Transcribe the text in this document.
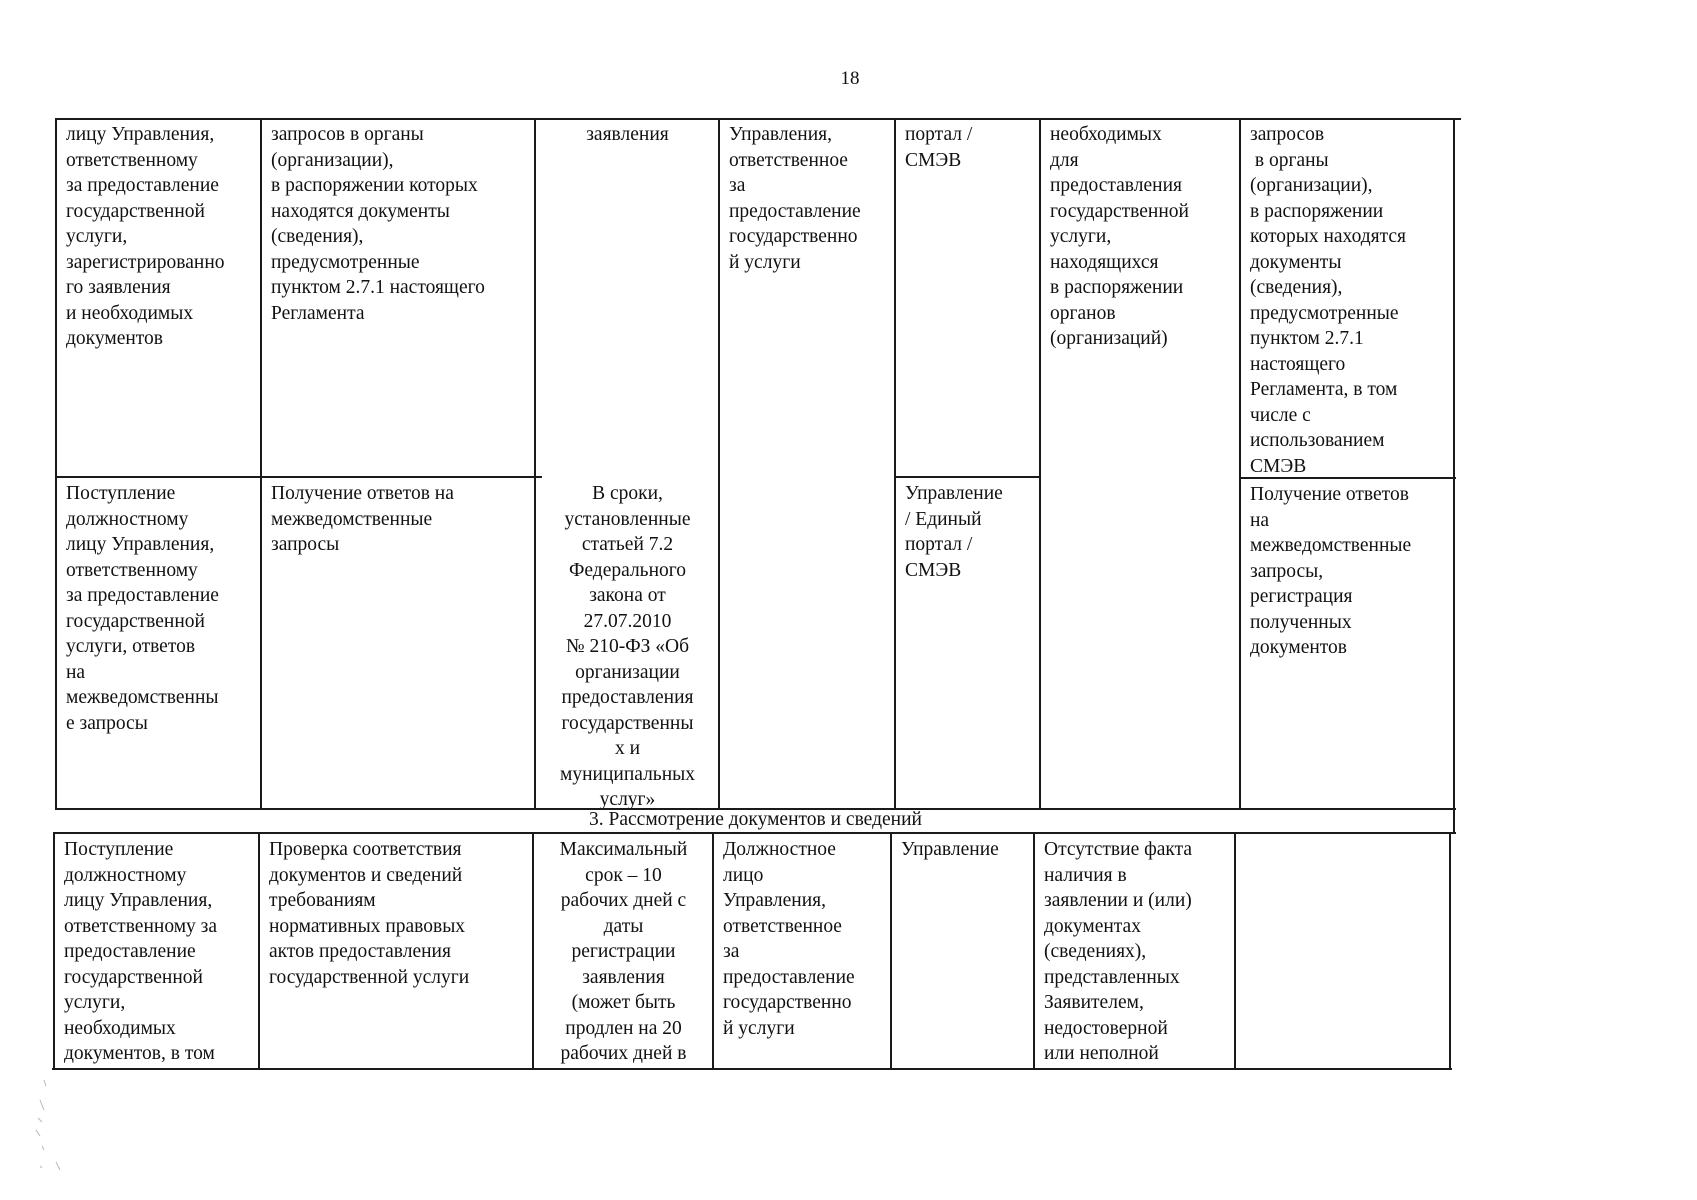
18
лицу Управления,
ответственному
за предоставление
государственной
услуги,
зарегистрированно
го заявления
и необходимых
документов
запросов в органы
(организации),
в распоряжении которых
находятся документы
(сведения),
предусмотренные
пунктом 2.7.1 настоящего
Регламента
заявления	Управления,
ответственное
за
предоставление
государственно
й услуги
портал /
СМЭВ
необходимых
для
предоставления
государственной
услуги,
находящихся
в распоряжении
органов
(организаций)
запросов
в органы
(организации),
в распоряжении
которых находятся
документы
(сведения),
предусмотренные
пунктом 2.7.1
настоящего
Регламента, в том
числе с
использованием
СМЭВ
Поступление
должностному
лицу Управления,
ответственному
за предоставление
государственной
услуги, ответов
на
межведомственны
е запросы
Получение ответов на
межведомственные
запросы
В сроки,
установленные
статьей 7.2
Федерального
закона от
27.07.2010
№ 210-ФЗ «Об
организации
предоставления
государственны
х и
муниципальных
услуг»
Управление
/ Единый
портал /
СМЭВ
Получение ответов
на
межведомственные
запросы,
регистрация
полученных
документов
3. Рассмотрение документов и сведений
Поступление
должностному
лицу Управления,
ответственному за
предоставление
государственной
услуги,
необходимых
документов, в том
Проверка соответствия
документов и сведений
требованиям
нормативных правовых
актов предоставления
государственной услуги
Максимальный
срок – 10
рабочих дней с
даты
регистрации
заявления
(может быть
продлен на 20
рабочих дней в
Должностное
лицо
Управления,
ответственное
за
предоставление
государственно
й услуги
Управление	Отсутствие факта
наличия в
заявлении и (или)
документах
(сведениях),
представленных
Заявителем,
недостоверной
или неполной
